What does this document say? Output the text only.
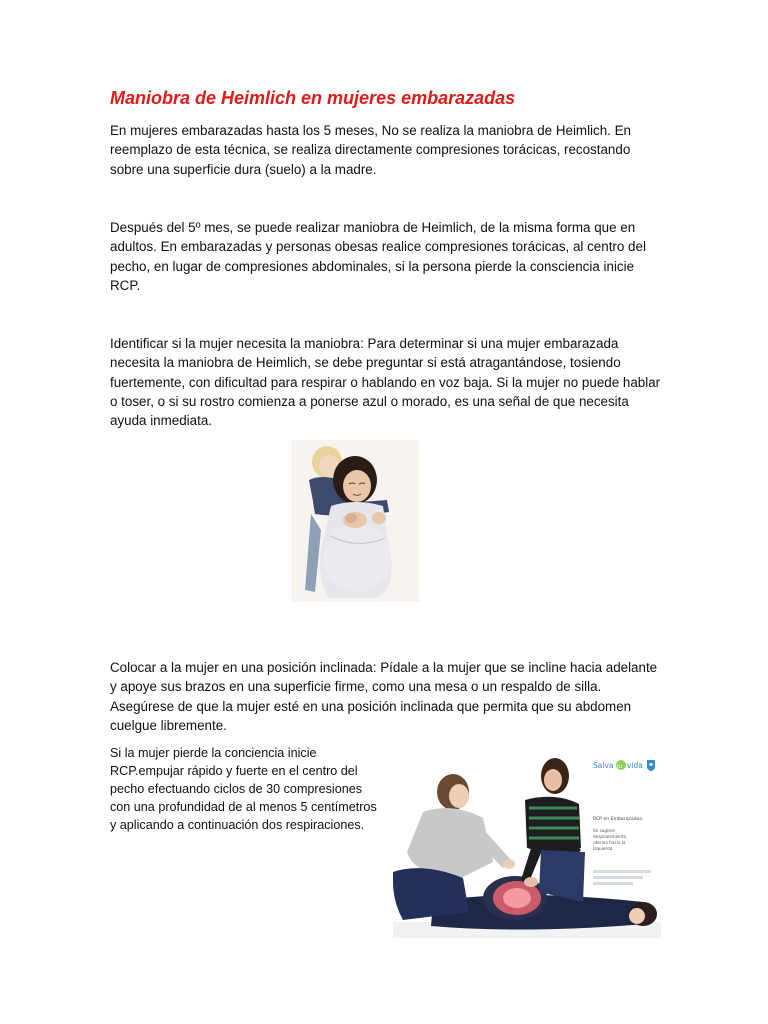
Maniobra de Heimlich en mujeres embarazadas

En mujeres embarazadas hasta los 5 meses, No se realiza la maniobra de Heimlich. En reemplazo de esta técnica, se realiza directamente compresiones torácicas, recostando sobre una superficie dura (suelo) a la madre.

Después del 5º mes, se puede realizar maniobra de Heimlich, de la misma forma que en adultos. En embarazadas y personas obesas realice compresiones torácicas, al centro del pecho, en lugar de compresiones abdominales, si la persona pierde la consciencia inicie RCP.

Identificar si la mujer necesita la maniobra: Para determinar si una mujer embarazada necesita la maniobra de Heimlich, se debe preguntar si está atragantándose, tosiendo fuertemente, con dificultad para respirar o hablando en voz baja. Si la mujer no puede hablar o toser, o si su rostro comienza a ponerse azul o morado, es una señal de que necesita ayuda inmediata.

Colocar a la mujer en una posición inclinada: Pídale a la mujer que se incline hacia adelante y apoye sus brazos en una superficie firme, como una mesa o un respaldo de silla. Asegúrese de que la mujer esté en una posición inclinada que permita que su abdomen cuelgue libremente.

Si la mujer pierde la conciencia inicie RCP.empujar rápido y fuerte en el centro del pecho efectuando ciclos de 30 compresiones con una profundidad de al menos 5 centímetros y aplicando a continuación dos respiraciones.

Salva tu vida
RCP en Embarazadas:
Se sugiere
desplazamiento
uterino hacia la
izquierda
